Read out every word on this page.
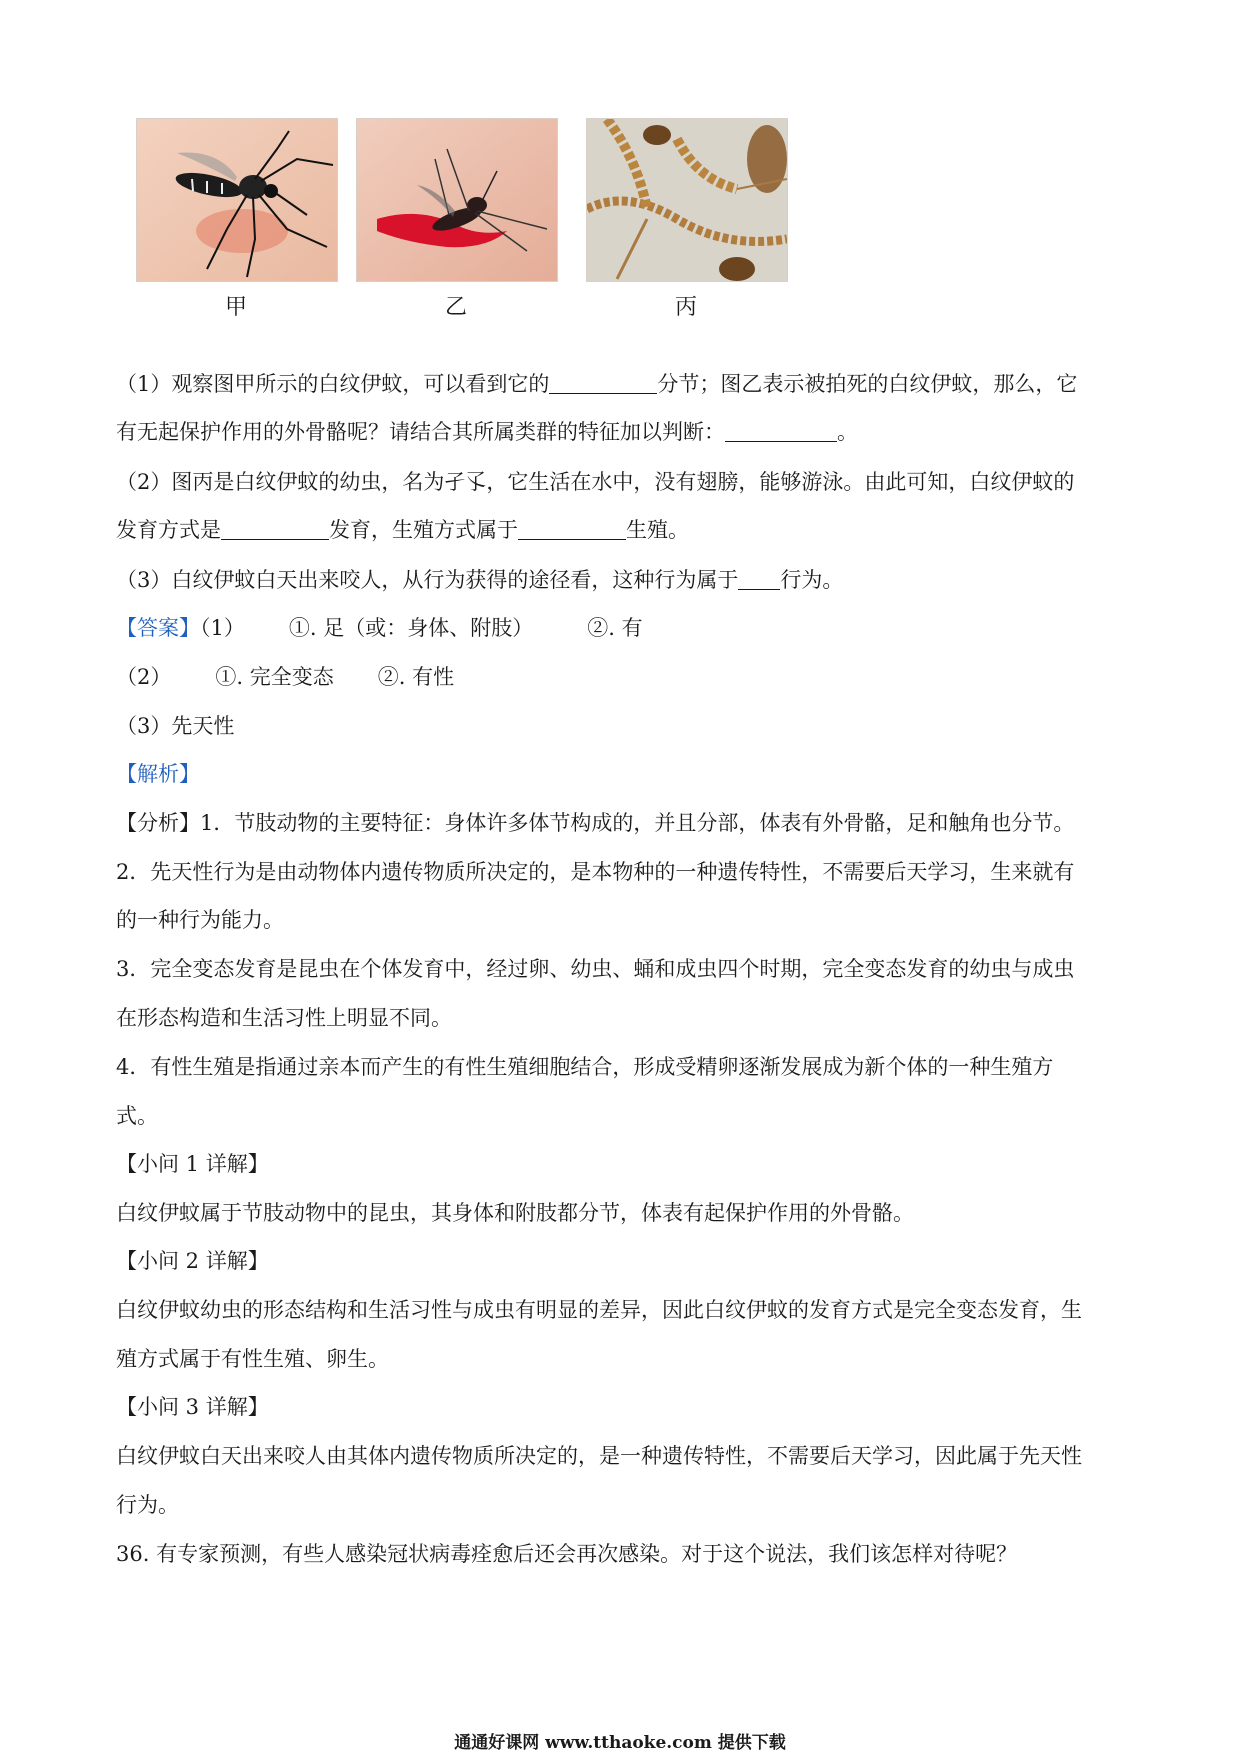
甲	乙	丙
（1）观察图甲所示的白纹伊蚊，可以看到它的	分节；图乙表示被拍死的白纹伊蚊，那么，它
有无起保护作用的外骨骼呢？请结合其所属类群的特征加以判断：	。
（2）图丙是白纹伊蚊的幼虫，名为孑孓，它生活在水中，没有翅膀，能够游泳。由此可知，白纹伊蚊的
发育方式是	发育，生殖方式属于	生殖。
（3）白纹伊蚊白天出来咬人，从行为获得的途径看，这种行为属于 行为。
【答案】（1） ①. 足（或：身体、附肢）	②. 有
（2） ①. 完全变态 ②. 有性
（3）先天性
【解析】
【分析】1．节肢动物的主要特征：身体许多体节构成的，并且分部，体表有外骨骼，足和触角也分节。
2．先天性行为是由动物体内遗传物质所决定的，是本物种的一种遗传特性，不需要后天学习，生来就有
的一种行为能力。
3．完全变态发育是昆虫在个体发育中，经过卵、幼虫、蛹和成虫四个时期，完全变态发育的幼虫与成虫
在形态构造和生活习性上明显不同。
4．有性生殖是指通过亲本而产生的有性生殖细胞结合，形成受精卵逐渐发展成为新个体的一种生殖方
式。
【小问 1 详解】
白纹伊蚊属于节肢动物中的昆虫，其身体和附肢都分节，体表有起保护作用的外骨骼。
【小问 2 详解】
白纹伊蚊幼虫的形态结构和生活习性与成虫有明显的差异，因此白纹伊蚊的发育方式是完全变态发育，生
殖方式属于有性生殖、卵生。
【小问 3 详解】
白纹伊蚊白天出来咬人由其体内遗传物质所决定的，是一种遗传特性，不需要后天学习，因此属于先天性
行为。
36. 有专家预测，有些人感染冠状病毒痊愈后还会再次感染。对于这个说法，我们该怎样对待呢？
通通好课网 www.tthaoke.com 提供下载
